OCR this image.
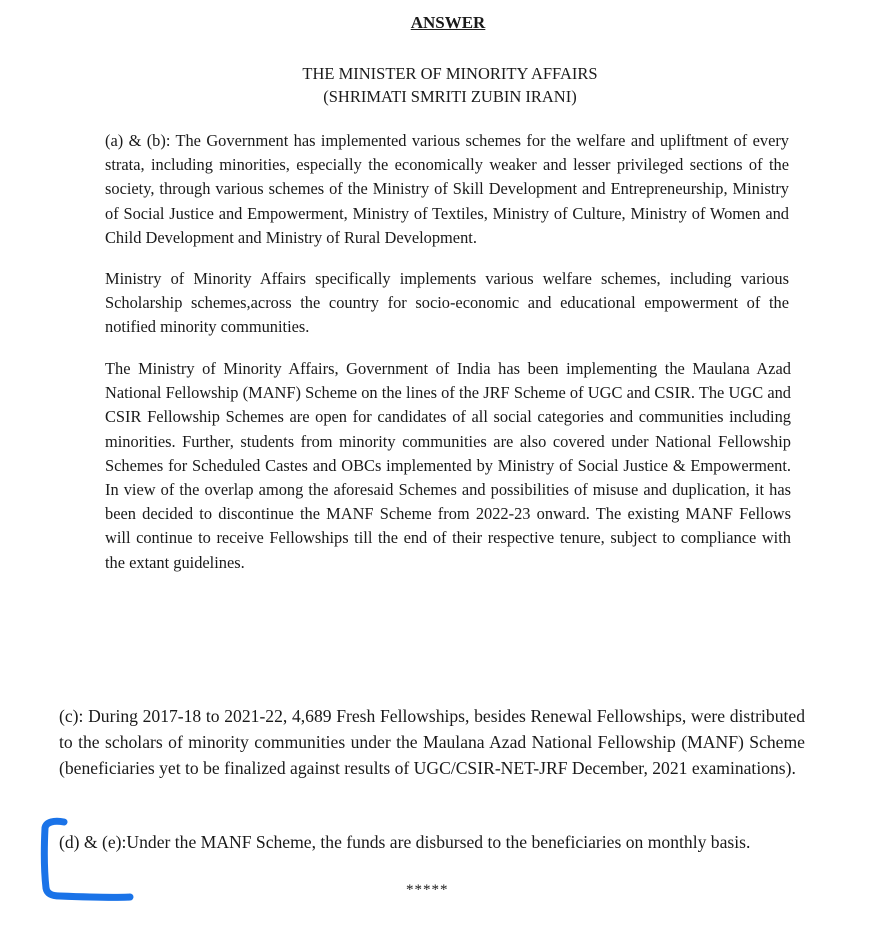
ANSWER
THE MINISTER OF MINORITY AFFAIRS
(SHRIMATI SMRITI ZUBIN IRANI)

(a) & (b): The Government has implemented various schemes for the welfare and upliftment of every strata, including minorities, especially the economically weaker and lesser privileged sections of the society, through various schemes of the Ministry of Skill Development and Entrepreneurship, Ministry of Social Justice and Empowerment, Ministry of Textiles, Ministry of Culture, Ministry of Women and Child Development and Ministry of Rural Development.

Ministry of Minority Affairs specifically implements various welfare schemes, including various Scholarship schemes,across the country for socio-economic and educational empowerment of the notified minority communities.

The Ministry of Minority Affairs, Government of India has been implementing the Maulana Azad National Fellowship (MANF) Scheme on the lines of the JRF Scheme of UGC and CSIR. The UGC and CSIR Fellowship Schemes are open for candidates of all social categories and communities including minorities. Further, students from minority communities are also covered under National Fellowship Schemes for Scheduled Castes and OBCs implemented by Ministry of Social Justice & Empowerment. In view of the overlap among the aforesaid Schemes and possibilities of misuse and duplication, it has been decided to discontinue the MANF Scheme from 2022-23 onward. The existing MANF Fellows will continue to receive Fellowships till the end of their respective tenure, subject to compliance with the extant guidelines.

(c): During 2017-18 to 2021-22, 4,689 Fresh Fellowships, besides Renewal Fellowships, were distributed to the scholars of minority communities under the Maulana Azad National Fellowship (MANF) Scheme (beneficiaries yet to be finalized against results of UGC/CSIR-NET-JRF December, 2021 examinations).

(d) & (e):Under the MANF Scheme, the funds are disbursed to the beneficiaries on monthly basis.

*****
